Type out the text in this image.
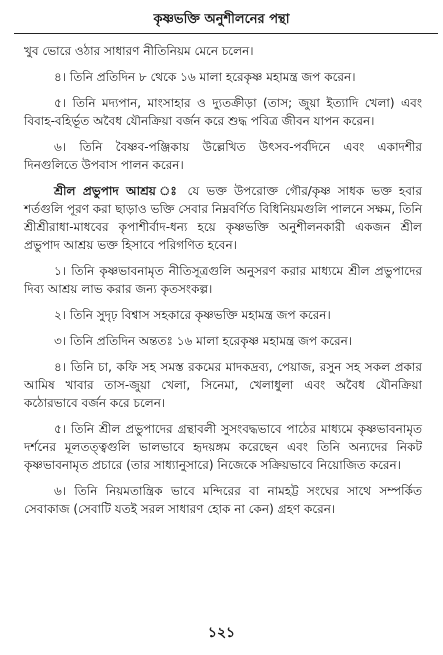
কৃষ্ণভক্তি অনুশীলনের পন্থা

খুব ভোরে ওঠার সাধারণ নীতিনিয়ম মেনে চলেন।

৪। তিনি প্রতিদিন ৮ থেকে ১৬ মালা হরেকৃষ্ণ মহামন্ত্র জপ করেন।

৫। তিনি মদ্যপান, মাংসাহার ও দ্যুতক্রীড়া (তাস; জুয়া ইত্যাদি খেলা) এবং বিবাহ-বহির্ভূত অবৈধ যৌনক্রিয়া বর্জন করে শুদ্ধ পবিত্র জীবন যাপন করেন।

৬। তিনি বৈষ্ণব-পঞ্জিকায় উল্লেখিত উৎসব-পর্বদিনে এবং একাদশীর দিনগুলিতে উপবাস পালন করেন।

শ্রীল প্রভুপাদ আশ্রয় ঃ যে ভক্ত উপরোক্ত গৌর/কৃষ্ণ সাধক ভক্ত হবার শর্তগুলি পূরণ করা ছাড়াও ভক্তি সেবার নিম্নবর্ণিত বিধিনিয়মগুলি পালনে সক্ষম, তিনি শ্রীশ্রীরাধা-মাধবের কৃপাশীর্বাদ-ধন্য হয়ে কৃষ্ণভক্তি অনুশীলনকারী একজন শ্রীল প্রভুপাদ আশ্রয় ভক্ত হিসাবে পরিগণিত হবেন।

১। তিনি কৃষ্ণভাবনামৃত নীতিসূত্রগুলি অনুসরণ করার মাধ্যমে শ্রীল প্রভুপাদের দিব্য আশ্রয় লাভ করার জন্য কৃতসংকল্প।

২। তিনি সুদৃঢ় বিশ্বাস সহকারে কৃষ্ণভক্তি মহামন্ত্র জপ করেন।

৩। তিনি প্রতিদিন অন্ততঃ ১৬ মালা হরেকৃষ্ণ মহামন্ত্র জপ করেন।

৪। তিনি চা, কফি সহ সমস্ত রকমের মাদকদ্রব্য, পেয়াজ, রসুন সহ সকল প্রকার আমিষ খাবার তাস-জুয়া খেলা, সিনেমা, খেলাধুলা এবং অবৈধ যৌনক্রিয়া কঠোরভাবে বর্জন করে চলেন।

৫। তিনি শ্রীল প্রভুপাদের গ্রন্থাবলী সুসংবদ্ধভাবে পাঠের মাধ্যমে কৃষ্ণভাবনামৃত দর্শনের মূলতত্ত্বগুলি ভালভাবে হৃদয়ঙ্গম করেছেন এবং তিনি অন্যদের নিকট কৃষ্ণভাবনামৃত প্রচারে (তার সাধ্যানুসারে) নিজেকে সক্রিয়ভাবে নিয়োজিত করেন।

৬। তিনি নিয়মতান্ত্রিক ভাবে মন্দিরের বা নামহট্ট সংঘের সাথে সম্পর্কিত সেবাকাজ (সেবাটি যতই সরল সাধারণ হোক না কেন) গ্রহণ করেন।

১২১
